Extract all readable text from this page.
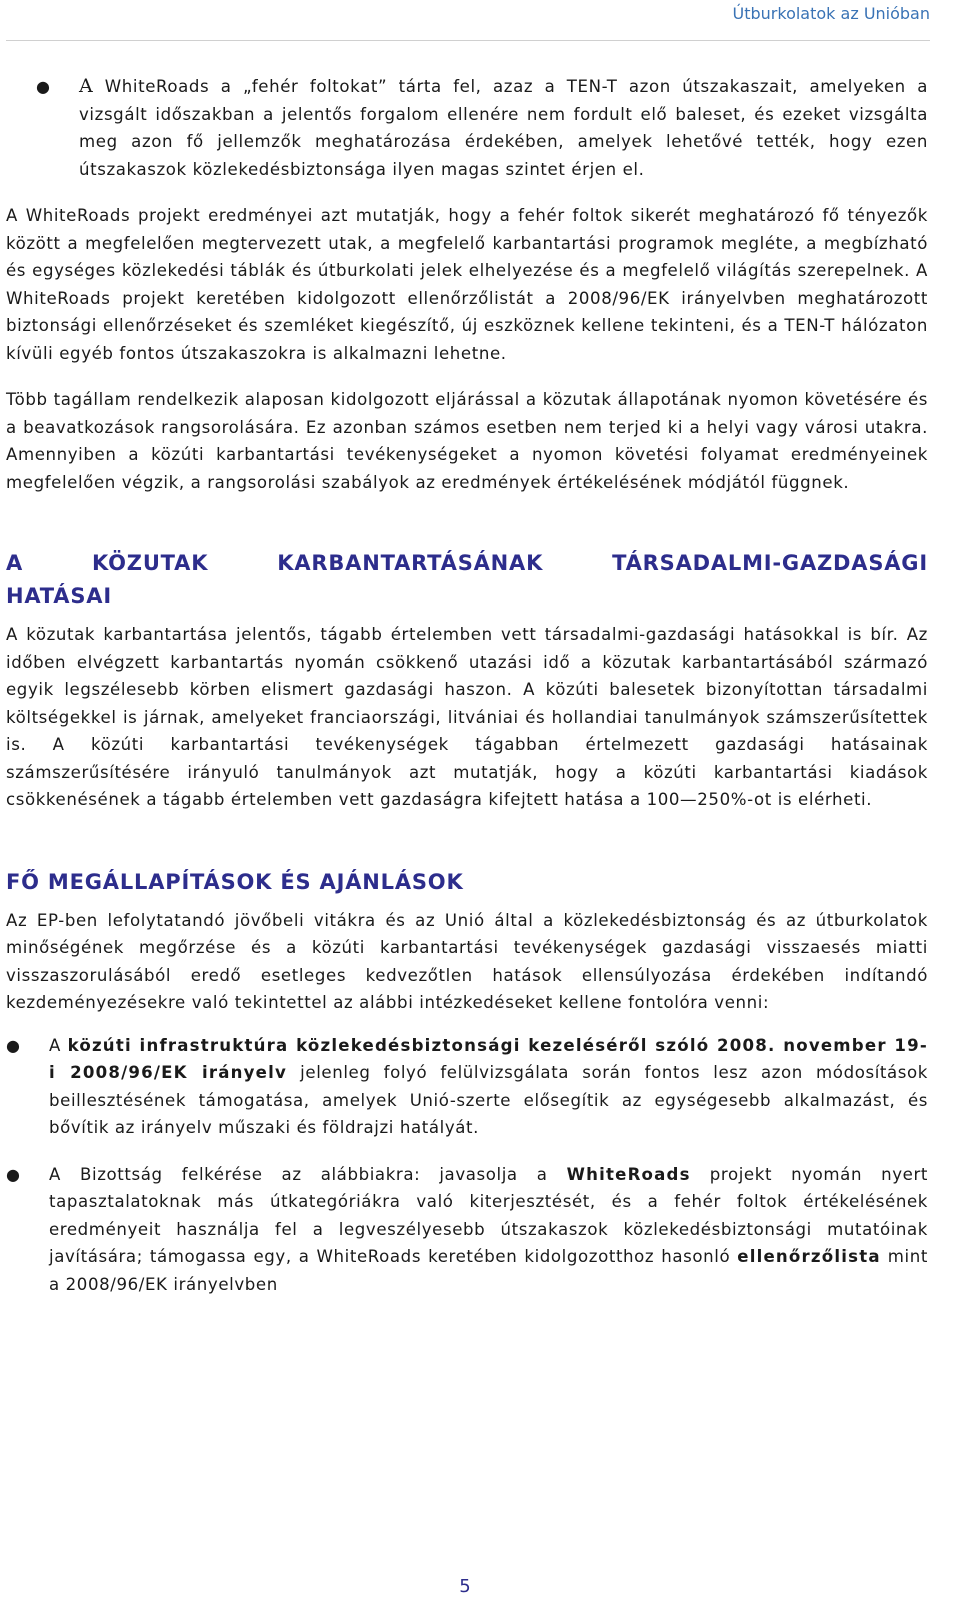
Útburkolatok az Unióban
● A WhiteRoads a „fehér foltokat” tárta fel, azaz a TEN-T azon útszakaszait, amelyeken a vizsgált időszakban a jelentős forgalom ellenére nem fordult elő baleset, és ezeket vizsgálta meg azon fő jellemzők meghatározása érdekében, amelyek lehetővé tették, hogy ezen útszakaszok közlekedésbiztonsága ilyen magas szintet érjen el.

A WhiteRoads projekt eredményei azt mutatják, hogy a fehér foltok sikerét meghatározó fő tényezők között a megfelelően megtervezett utak, a megfelelő karbantartási programok megléte, a megbízható és egységes közlekedési táblák és útburkolati jelek elhelyezése és a megfelelő világítás szerepelnek. A WhiteRoads projekt keretében kidolgozott ellenőrzőlistát a 2008/96/EK irányelvben meghatározott biztonsági ellenőrzéseket és szemléket kiegészítő, új eszköznek kellene tekinteni, és a TEN-T hálózaton kívüli egyéb fontos útszakaszokra is alkalmazni lehetne.

Több tagállam rendelkezik alaposan kidolgozott eljárással a közutak állapotának nyomon követésére és a beavatkozások rangsorolására. Ez azonban számos esetben nem terjed ki a helyi vagy városi utakra. Amennyiben a közúti karbantartási tevékenységeket a nyomon követési folyamat eredményeinek megfelelően végzik, a rangsorolási szabályok az eredmények értékelésének módjától függnek.

A	KÖZUTAK	KARBANTARTÁSÁNAK	TÁRSADALMI-GAZDASÁGI
HATÁSAI

A közutak karbantartása jelentős, tágabb értelemben vett társadalmi-gazdasági hatásokkal is bír. Az időben elvégzett karbantartás nyomán csökkenő utazási idő a közutak karbantartásából származó egyik legszélesebb körben elismert gazdasági haszon. A közúti balesetek bizonyítottan társadalmi költségekkel is járnak, amelyeket franciaországi, litvániai és hollandiai tanulmányok számszerűsítettek is. A közúti karbantartási tevékenységek tágabban értelmezett gazdasági hatásainak számszerűsítésére irányuló tanulmányok azt mutatják, hogy a közúti karbantartási kiadások csökkenésének a tágabb értelemben vett gazdaságra kifejtett hatása a 100—250%-ot is elérheti.

FŐ MEGÁLLAPÍTÁSOK ÉS AJÁNLÁSOK

Az EP-ben lefolytatandó jövőbeli vitákra és az Unió által a közlekedésbiztonság és az útburkolatok minőségének megőrzése és a közúti karbantartási tevékenységek gazdasági visszaesés miatti visszaszorulásából eredő esetleges kedvezőtlen hatások ellensúlyozása érdekében indítandó kezdeményezésekre való tekintettel az alábbi intézkedéseket kellene fontolóra venni:

● A közúti infrastruktúra közlekedésbiztonsági kezeléséről szóló 2008. november 19-i 2008/96/EK irányelv jelenleg folyó felülvizsgálata során fontos lesz azon módosítások beillesztésének támogatása, amelyek Unió-szerte elősegítik az egységesebb alkalmazást, és bővítik az irányelv műszaki és földrajzi hatályát.
● A Bizottság felkérése az alábbiakra: javasolja a WhiteRoads projekt nyomán nyert tapasztalatoknak más útkategóriákra való kiterjesztését, és a fehér foltok értékelésének eredményeit használja fel a legveszélyesebb útszakaszok közlekedésbiztonsági mutatóinak javítására; támogassa egy, a WhiteRoads keretében kidolgozotthoz hasonló ellenőrzőlista mint a 2008/96/EK irányelvben
5
